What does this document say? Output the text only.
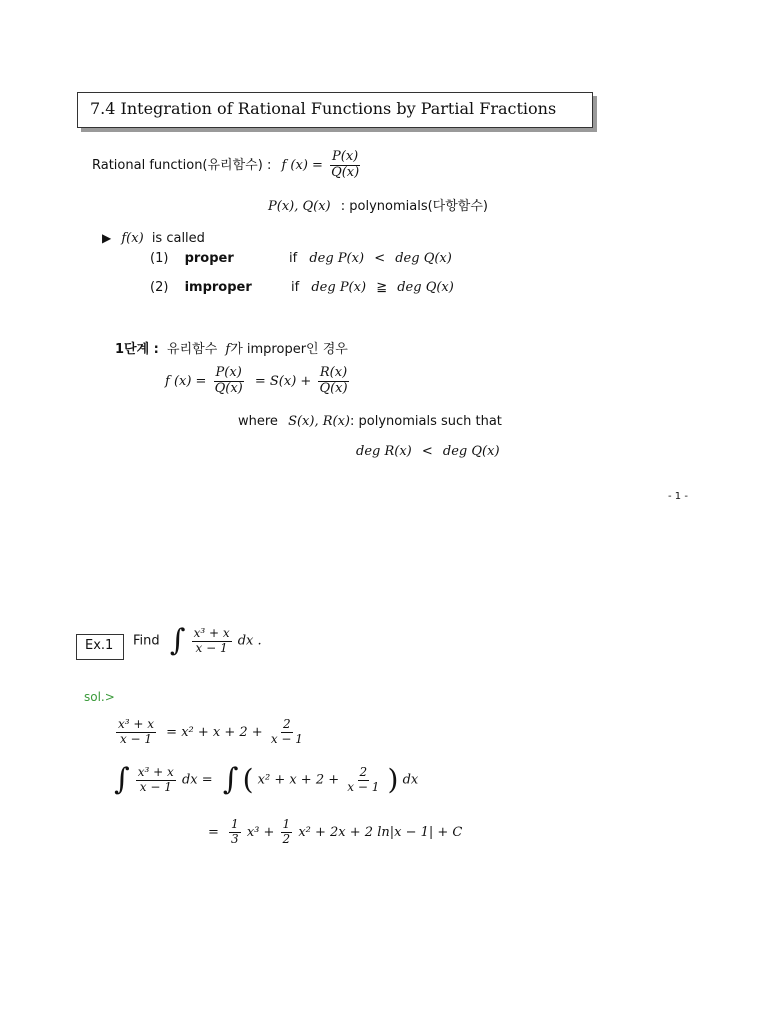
7.4 Integration of Rational Functions by Partial Fractions
Rational function(유리함수) : f $(x) = \frac{P(x)}{Q(x)}$
P(x), Q(x) : polynomials(다항함수)
▶ f(x) is called
(1) proper	if deg P(x) < deg Q(x)
(2) improper	if deg P(x) ≧ deg Q(x)
1단계 : 유리함수 f가 improper인 경우
f $(x) = \frac{P(x)}{Q(x)} = S(x) + \frac{R(x)}{Q(x)}$
where S(x), R(x): polynomials such that
deg R(x) < deg Q(x)
- 1 -
Ex.1 Find ∫ $\frac{\text{x³ + x}}{x - 1}$ dx .
sol.>
$\frac{\text{x³ + x}}{x - 1} = x^2 + x + 2 + \frac{2}{x - 1}$
∫ $\frac{\text{x³ + x}}{x - 1}$ dx = ∫ ( $x^2 + x + 2 + \frac{2}{x - 1}$ ) dx
= $\frac{1}{3} x^3 + \frac{1}{2} x^2 + 2x + 2$ ln|x − 1| + C
